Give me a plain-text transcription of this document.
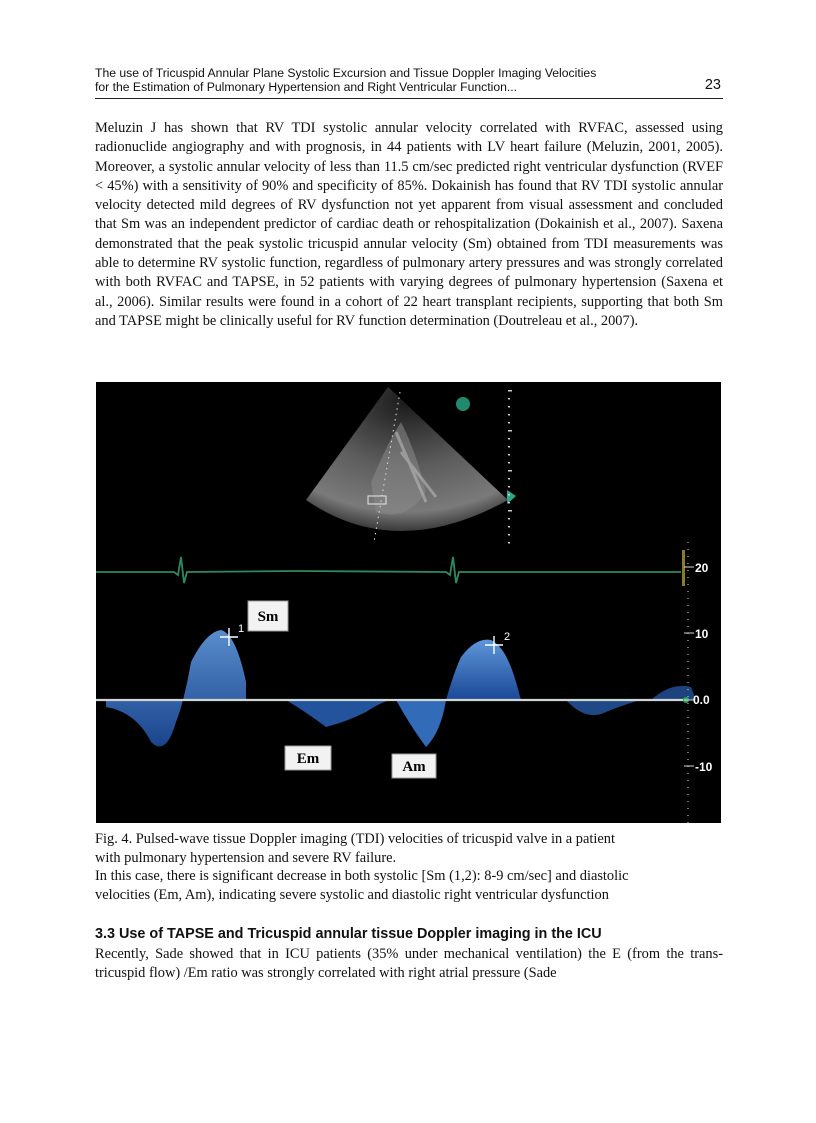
The use of Tricuspid Annular Plane Systolic Excursion and Tissue Doppler Imaging Velocities
for the Estimation of Pulmonary Hypertension and Right Ventricular Function...	23

Meluzin J has shown that RV TDI systolic annular velocity correlated with RVFAC, assessed using radionuclide angiography and with prognosis, in 44 patients with LV heart failure (Meluzin, 2001, 2005). Moreover, a systolic annular velocity of less than 11.5 cm/sec predicted right ventricular dysfunction (RVEF < 45%) with a sensitivity of 90% and specificity of 85%. Dokainish has found that RV TDI systolic annular velocity detected mild degrees of RV dysfunction not yet apparent from visual assessment and concluded that Sm was an independent predictor of cardiac death or rehospitalization (Dokainish et al., 2007). Saxena demonstrated that the peak systolic tricuspid annular velocity (Sm) obtained from TDI measurements was able to determine RV systolic function, regardless of pulmonary artery pressures and was strongly correlated with both RVFAC and TAPSE, in 52 patients with varying degrees of pulmonary hypertension (Saxena et al., 2006). Similar results were found in a cohort of 22 heart transplant recipients, supporting that both Sm and TAPSE might be clinically useful for RV function determination (Doutreleau et al., 2007).

1
2
Sm
Em	Am
20
10
0.0
-10
Fig. 4. Pulsed-wave tissue Doppler imaging (TDI) velocities of tricuspid valve in a patient
with pulmonary hypertension and severe RV failure.
In this case, there is significant decrease in both systolic [Sm (1,2): 8-9 cm/sec] and diastolic
velocities (Em, Am), indicating severe systolic and diastolic right ventricular dysfunction
3.3 Use of TAPSE and Tricuspid annular tissue Doppler imaging in the ICU

Recently, Sade showed that in ICU patients (35% under mechanical ventilation) the E (from the trans-tricuspid flow) /Em ratio was strongly correlated with right atrial pressure (Sade
